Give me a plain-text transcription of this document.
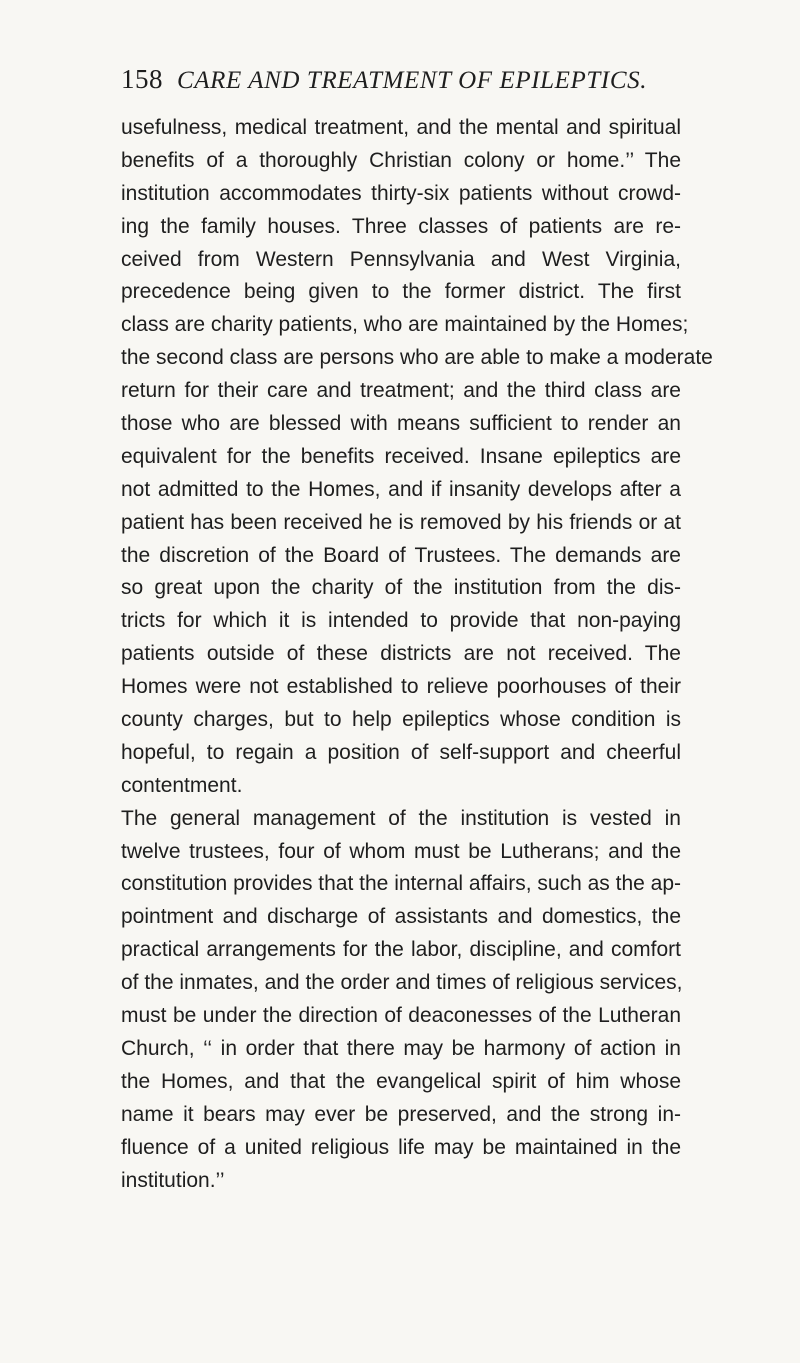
158 CARE AND TREATMENT OF EPILEPTICS.
usefulness, medical treatment, and the mental and spiritual
benefits of a thoroughly Christian colony or home.’’ The
institution accommodates thirty-six patients without crowd-
ing the family houses. Three classes of patients are re-
ceived from Western Pennsylvania and West Virginia,
precedence being given to the former district. The first
class are charity patients, who are maintained by the Homes;
the second class are persons who are able to make a moderate
return for their care and treatment; and the third class are
those who are blessed with means sufficient to render an
equivalent for the benefits received. Insane epileptics are
not admitted to the Homes, and if insanity develops after a
patient has been received he is removed by his friends or at
the discretion of the Board of Trustees. The demands are
so great upon the charity of the institution from the dis-
tricts for which it is intended to provide that non-paying
patients outside of these districts are not received. The
Homes were not established to relieve poorhouses of their
county charges, but to help epileptics whose condition is
hopeful, to regain a position of self-support and cheerful
contentment.
The general management of the institution is vested in
twelve trustees, four of whom must be Lutherans; and the
constitution provides that the internal affairs, such as the ap-
pointment and discharge of assistants and domestics, the
practical arrangements for the labor, discipline, and comfort
of the inmates, and the order and times of religious services,
must be under the direction of deaconesses of the Lutheran
Church, ‘‘ in order that there may be harmony of action in
the Homes, and that the evangelical spirit of him whose
name it bears may ever be preserved, and the strong in-
fluence of a united religious life may be maintained in the
institution.’’
